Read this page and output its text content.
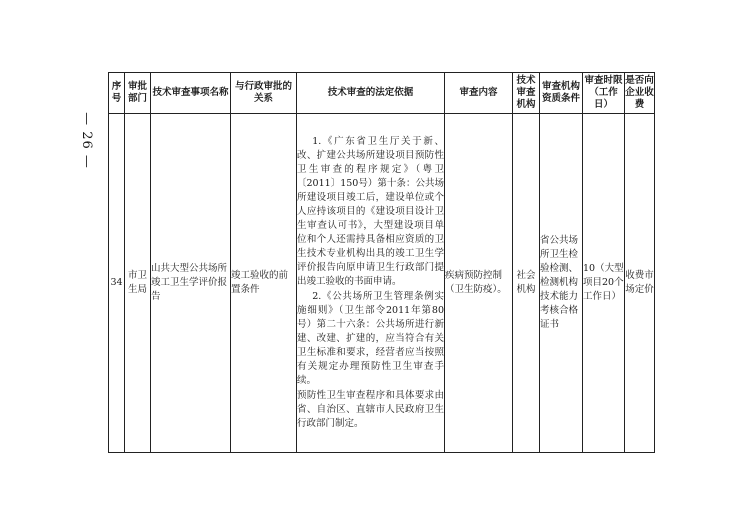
— 26 —
序号	审批部门	技术审查事项名称	与行政审批的关系	技术审查的法定依据	审查内容	技术审查机构	审查机构资质条件	审查时限（工作日）	是否向企业收费
34	市卫生局	山共大型公共场所竣工卫生学评价报告	竣工验收的前置条件	1.《广东省卫生厅关于新、改、扩建公共场所建设项目预防性卫生审查的程序规定》（粤卫〔2011〕150号）第十条：公共场所建设项目竣工后，建设单位或个人应持该项目的《建设项目设计卫生审查认可书》，大型建设项目单位和个人还需持具备相应资质的卫生技术专业机构出具的竣工卫生学评价报告向原申请卫生行政部门提出竣工验收的书面申请。

2.《公共场所卫生管理条例实施细则》（卫生部令2011年第80号）第二十六条：公共场所进行新建、改建、扩建的，应当符合有关卫生标准和要求，经营者应当按照有关规定办理预防性卫生审查手续。

预防性卫生审查程序和具体要求由省、自治区、直辖市人民政府卫生行政部门制定。	疾病预防控制（卫生防疫）。	社会机构	省公共场所卫生检验检测、检测机构技术能力考核合格证书	10（大型项目20个工作日）	收费市场定价
